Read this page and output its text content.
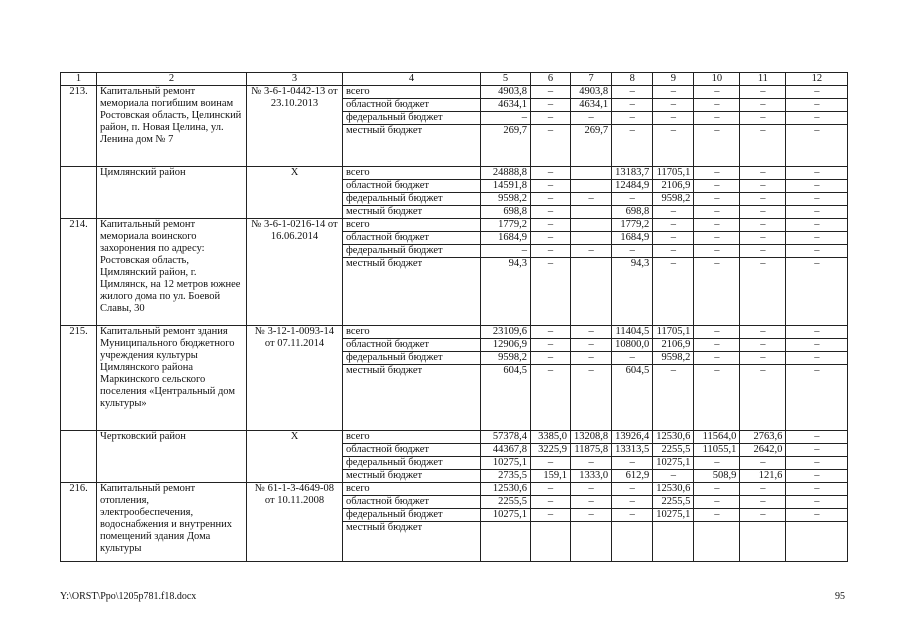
1	2	3	4	5	6	7	8	9	10	11	12
213.	Капитальный ремонт мемориала погибшим воинам Ростовская область, Целинский район, п. Новая Целина, ул. Ленина дом № 7	№ 3-6-1-0442-13 от 23.10.2013	всего	4903,8	–	4903,8	–	–	–	–	–
			областной бюджет	4634,1	–	4634,1	–	–	–	–	–
			федеральный бюджет	–	–	–	–	–	–	–	–
			местный бюджет	269,7	–	269,7	–	–	–	–	–
	Цимлянский район	Х	всего	24888,8	–		13183,7	11705,1	–	–	–
			областной бюджет	14591,8	–		12484,9	2106,9	–	–	–
			федеральный бюджет	9598,2	–	–	–	9598,2	–	–	–
			местный бюджет	698,8	–		698,8	–	–	–	–
214.	Капитальный ремонт мемориала воинского захоронения по адресу: Ростовская область, Цимлянский район, г. Цимлянск, на 12 метров южнее жилого дома по ул. Боевой Славы, 30	№ 3-6-1-0216-14 от 16.06.2014	всего	1779,2	–		1779,2	–	–	–	–
			областной бюджет	1684,9	–		1684,9	–	–	–	–
			федеральный бюджет	–	–	–	–	–	–	–	–
			местный бюджет	94,3	–		94,3	–	–	–	–
215.	Капитальный ремонт здания Муниципального бюджетного учреждения культуры Цимлянского района Маркинского сельского поселения «Центральный дом культуры»	№ 3-12-1-0093-14 от 07.11.2014	всего	23109,6	–	–	11404,5	11705,1	–	–	–
			областной бюджет	12906,9	–	–	10800,0	2106,9	–	–	–
			федеральный бюджет	9598,2	–	–	–	9598,2	–	–	–
			местный бюджет	604,5	–	–	604,5	–	–	–	–
	Чертковский район	Х	всего	57378,4	3385,0	13208,8	13926,4	12530,6	11564,0	2763,6	–
			областной бюджет	44367,8	3225,9	11875,8	13313,5	2255,5	11055,1	2642,0	–
			федеральный бюджет	10275,1	–	–	–	10275,1	–	–	–
			местный бюджет	2735,5	159,1	1333,0	612,9	–	508,9	121,6	–
216.	Капитальный ремонт отопления, электрообеспечения, водоснабжения и внутренних помещений здания Дома культуры	№ 61-1-3-4649-08 от 10.11.2008	всего	12530,6	–	–	–	12530,6	–	–	–
			областной бюджет	2255,5	–	–	–	2255,5	–	–	–
			федеральный бюджет	10275,1	–	–	–	10275,1	–	–	–
			местный бюджет								
Y:\ORST\Ppo\1205p781.f18.docx	95
